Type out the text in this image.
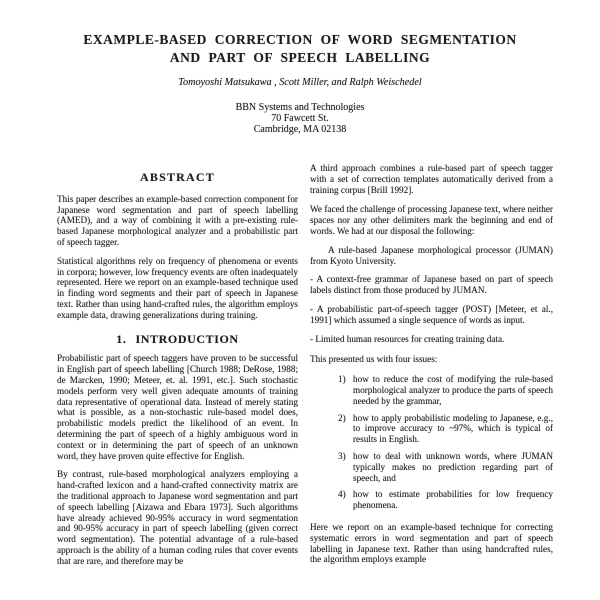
EXAMPLE-BASED CORRECTION OF WORD SEGMENTATION
AND PART OF SPEECH LABELLING
Tomoyoshi Matsukawa , Scott Miller, and Ralph Weischedel
BBN Systems and Technologies
70 Fawcett St.
Cambridge, MA 02138
ABSTRACT

This paper describes an example-based correction component for Japanese word segmentation and part of speech labelling (AMED), and a way of combining it with a pre-existing rule-based Japanese morphological analyzer and a probabilistic part of speech tagger.

Statistical algorithms rely on frequency of phenomena or events in corpora; however, low frequency events are often inadequately represented. Here we report on an example-based technique used in finding word segments and their part of speech in Japanese text. Rather than using hand-crafted rules, the algorithm employs example data, drawing generalizations during training.

1. INTRODUCTION

Probabilistic part of speech taggers have proven to be successful in English part of speech labelling [Church 1988; DeRose, 1988; de Marcken, 1990; Meteer, et. al. 1991, etc.]. Such stochastic models perform very well given adequate amounts of training data representative of operational data. Instead of merely stating what is possible, as a non-stochastic rule-based model does, probabilistic models predict the likelihood of an event. In determining the part of speech of a highly ambiguous word in context or in determining the part of speech of an unknown word, they have proven quite effective for English.

By contrast, rule-based morphological analyzers employing a hand-crafted lexicon and a hand-crafted connectivity matrix are the traditional approach to Japanese word segmentation and part of speech labelling [Aizawa and Ebara 1973]. Such algorithms have already achieved 90-95% accuracy in word segmentation and 90-95% accuracy in part of speech labelling (given correct word segmentation). The potential advantage of a rule-based approach is the ability of a human coding rules that cover events that are rare, and therefore may be

A third approach combines a rule-based part of speech tagger with a set of correction templates automatically derived from a training corpus [Brill 1992].

We faced the challenge of processing Japanese text, where neither spaces nor any other delimiters mark the beginning and end of words. We had at our disposal the following:

A rule-based Japanese morphological processor (JUMAN) from Kyoto University.

- A context-free grammar of Japanese based on part of speech labels distinct from those produced by JUMAN.

- A probabilistic part-of-speech tagger (POST) [Meteer, et al., 1991] which assumed a single sequence of words as input.

- Limited human resources for creating training data.

This presented us with four issues:

1) how to reduce the cost of modifying the rule-based morphological analyzer to produce the parts of speech needed by the grammar,
2) how to apply probabilistic modeling to Japanese, e.g., to improve accuracy to ~97%, which is typical of results in English.
3) how to deal with unknown words, where JUMAN typically makes no prediction regarding part of speech, and
4) how to estimate probabilities for low frequency phenomena.

Here we report on an example-based technique for correcting systematic errors in word segmentation and part of speech labelling in Japanese text. Rather than using handcrafted rules, the algorithm employs example
